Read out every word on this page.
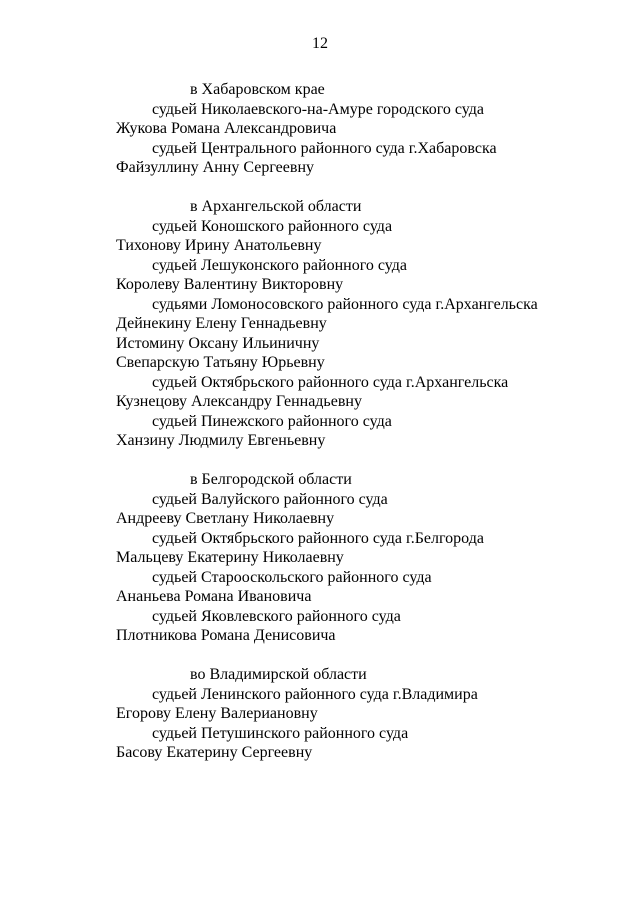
12
в Хабаровском крае
судьей Николаевского-на-Амуре городского суда
Жукова Романа Александровича
судьей Центрального районного суда г.Хабаровска
Файзуллину Анну Сергеевну
в Архангельской области
судьей Коношского районного суда
Тихонову Ирину Анатольевну
судьей Лешуконского районного суда
Королеву Валентину Викторовну
судьями Ломоносовского районного суда г.Архангельска
Дейнекину Елену Геннадьевну
Истомину Оксану Ильиничну
Свепарскую Татьяну Юрьевну
судьей Октябрьского районного суда г.Архангельска
Кузнецову Александру Геннадьевну
судьей Пинежского районного суда
Ханзину Людмилу Евгеньевну
в Белгородской области
судьей Валуйского районного суда
Андрееву Светлану Николаевну
судьей Октябрьского районного суда г.Белгорода
Мальцеву Екатерину Николаевну
судьей Старооскольского районного суда
Ананьева Романа Ивановича
судьей Яковлевского районного суда
Плотникова Романа Денисовича
во Владимирской области
судьей Ленинского районного суда г.Владимира
Егорову Елену Валериановну
судьей Петушинского районного суда
Басову Екатерину Сергеевну
